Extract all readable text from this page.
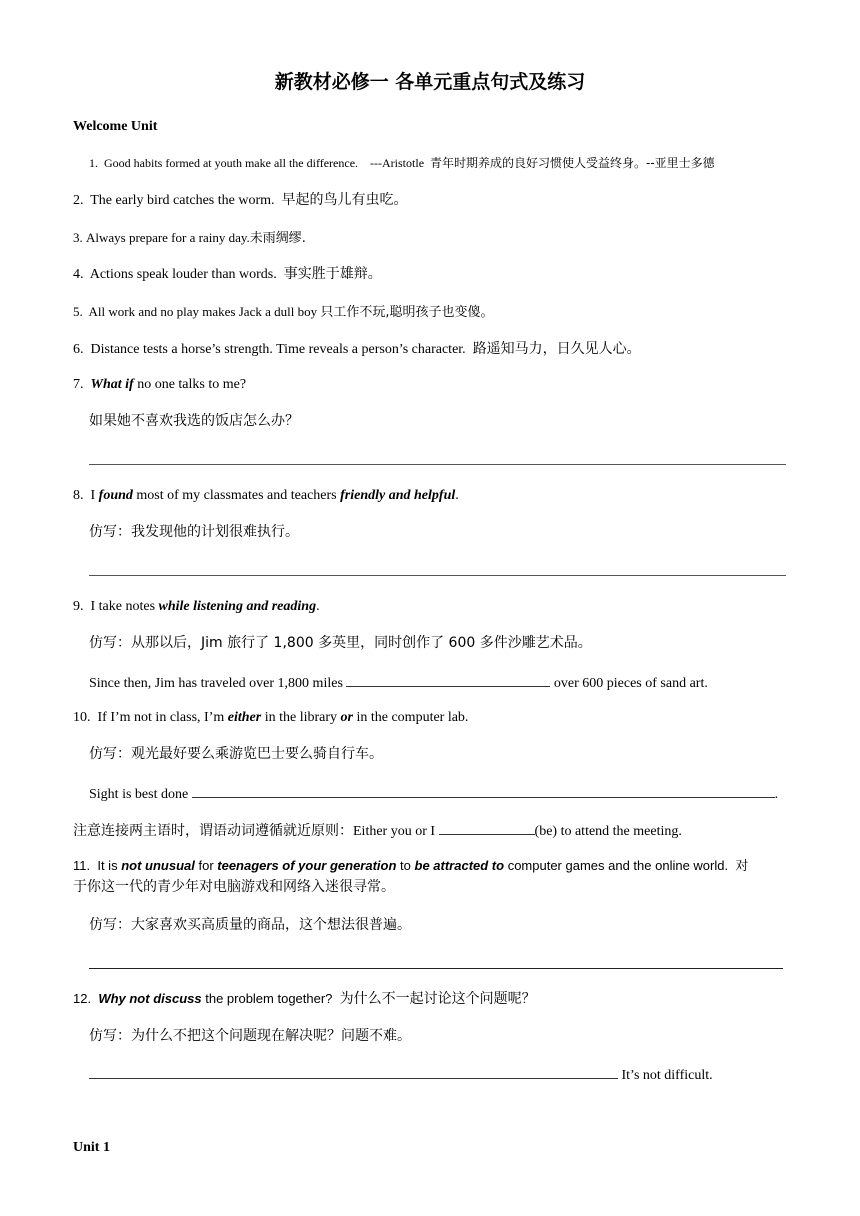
新教材必修一 各单元重点句式及练习
Welcome Unit
1. Good habits formed at youth make all the difference. ---Aristotle 青年时期养成的良好习惯使人受益终身。--亚里士多德
2. The early bird catches the worm. 早起的鸟儿有虫吃。
3. Always prepare for a rainy day.未雨绸缪.
4. Actions speak louder than words. 事实胜于雄辩。
5. All work and no play makes Jack a dull boy 只工作不玩,聪明孩子也变傻。
6. Distance tests a horse’s strength. Time reveals a person’s character. 路遥知马力，日久见人心。
7. What if no one talks to me?
如果她不喜欢我选的饭店怎么办？
8. I found most of my classmates and teachers friendly and helpful.
仿写：我发现他的计划很难执行。
9. I take notes while listening and reading.
仿写：从那以后，Jim 旅行了 1,800 多英里，同时创作了 600 多件沙雕艺术品。
Since then, Jim has traveled over 1,800 miles	over 600 pieces of sand art.
10. If I’m not in class, I’m either in the library or in the computer lab.
仿写：观光最好要么乘游览巴士要么骑自行车。
Sight is best done	.
注意连接两主语时，谓语动词遵循就近原则：Either you or I	(be) to attend the meeting.
11. It is not unusual for teenagers of your generation to be attracted to computer games and the online world. 对
于你这一代的青少年对电脑游戏和网络入迷很寻常。
仿写：大家喜欢买高质量的商品，这个想法很普遍。
12. Why not discuss the problem together? 为什么不一起讨论这个问题呢？
仿写：为什么不把这个问题现在解决呢？问题不难。
It’s not difficult.
Unit 1
